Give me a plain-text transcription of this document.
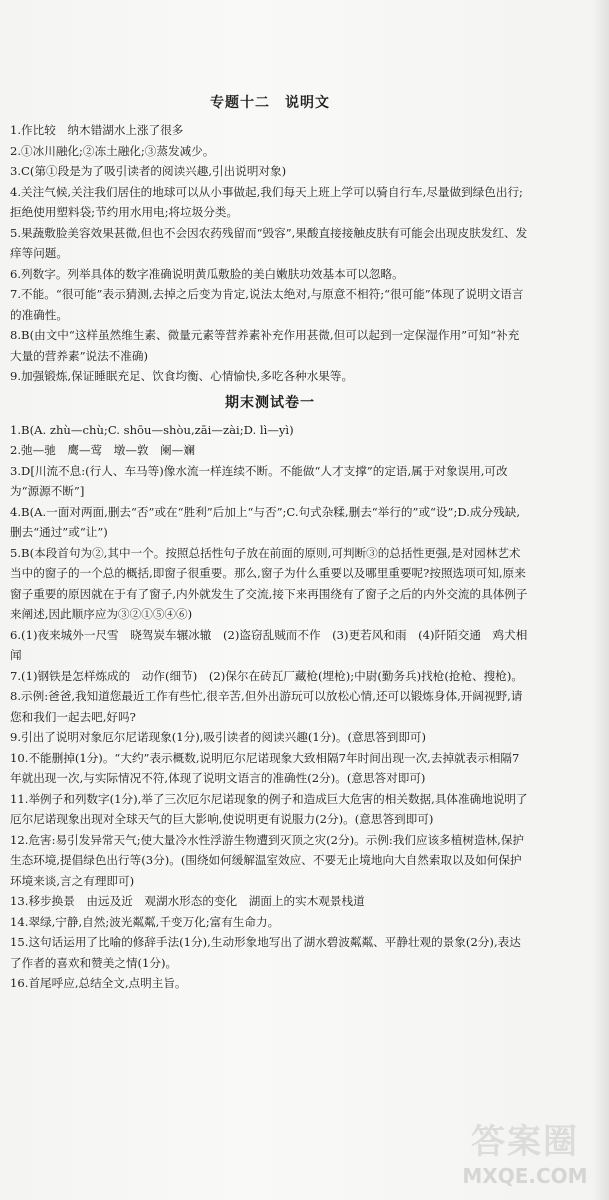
专题十二　说明文
1.作比较　纳木错湖水上涨了很多
2.①冰川融化;②冻土融化;③蒸发减少。
3.C(第①段是为了吸引读者的阅读兴趣,引出说明对象)
4.关注气候,关注我们居住的地球可以从小事做起,我们每天上班上学可以骑自行车,尽量做到绿色出行;拒绝使用塑料袋;节约用水用电;将垃圾分类。
5.果蔬敷脸美容效果甚微,但也不会因农药残留而“毁容”,果酸直接接触皮肤有可能会出现皮肤发红、发痒等问题。
6.列数字。列举具体的数字准确说明黄瓜敷脸的美白嫩肤功效基本可以忽略。
7.不能。“很可能”表示猜测,去掉之后变为肯定,说法太绝对,与原意不相符;“很可能”体现了说明文语言的准确性。
8.B(由文中“这样虽然维生素、微量元素等营养素补充作用甚微,但可以起到一定保湿作用”可知“补充大量的营养素”说法不准确)
9.加强锻炼,保证睡眠充足、饮食均衡、心情愉快,多吃各种水果等。
期末测试卷一
1.B(A. zhù—chù;C. shōu—shòu,zāi—zài;D. lì—yì)
2.弛—驰　鹰—莺　墩—敦　阑—斓
3.D[川流不息:(行人、车马等)像水流一样连续不断。不能做“人才支撑”的定语,属于对象误用,可改为“源源不断”]
4.B(A.一面对两面,删去“否”或在“胜利”后加上“与否”;C.句式杂糅,删去“举行的”或“设”;D.成分残缺,删去“通过”或“让”)
5.B(本段首句为②,其中一个。按照总括性句子放在前面的原则,可判断③的总括性更强,是对园林艺术当中的窗子的一个总的概括,即窗子很重要。那么,窗子为什么重要以及哪里重要呢?按照选项可知,原来窗子重要的原因就在于有了窗子,内外就发生了交流,接下来再围绕有了窗子之后的内外交流的具体例子来阐述,因此顺序应为③②①⑤④⑥)
6.(1)夜来城外一尺雪　晓驾炭车辗冰辙　(2)盗窃乱贼而不作　(3)更若风和雨　(4)阡陌交通　鸡犬相闻
7.(1)钢铁是怎样炼成的　动作(细节)　(2)保尔在砖瓦厂藏枪(埋枪);中尉(勤务兵)找枪(抢枪、搜枪)。
8.示例:爸爸,我知道您最近工作有些忙,很辛苦,但外出游玩可以放松心情,还可以锻炼身体,开阔视野,请您和我们一起去吧,好吗?
9.引出了说明对象厄尔尼诺现象(1分),吸引读者的阅读兴趣(1分)。(意思答到即可)
10.不能删掉(1分)。“大约”表示概数,说明厄尔尼诺现象大致相隔7年时间出现一次,去掉就表示相隔7年就出现一次,与实际情况不符,体现了说明文语言的准确性(2分)。(意思答对即可)
11.举例子和列数字(1分),举了三次厄尔尼诺现象的例子和造成巨大危害的相关数据,具体准确地说明了厄尔尼诺现象出现对全球天气的巨大影响,使说明更有说服力(2分)。(意思答到即可)
12.危害:易引发异常天气;使大量冷水性浮游生物遭到灭顶之灾(2分)。示例:我们应该多植树造林,保护生态环境,提倡绿色出行等(3分)。(围绕如何缓解温室效应、不要无止境地向大自然索取以及如何保护环境来谈,言之有理即可)
13.移步换景　由远及近　观湖水形态的变化　湖面上的实木观景栈道
14.翠绿,宁静,自然;波光粼粼,千变万化;富有生命力。
15.这句话运用了比喻的修辞手法(1分),生动形象地写出了湖水碧波粼粼、平静壮观的景象(2分),表达了作者的喜欢和赞美之情(1分)。
16.首尾呼应,总结全文,点明主旨。
答案圈
MXQE.COM
